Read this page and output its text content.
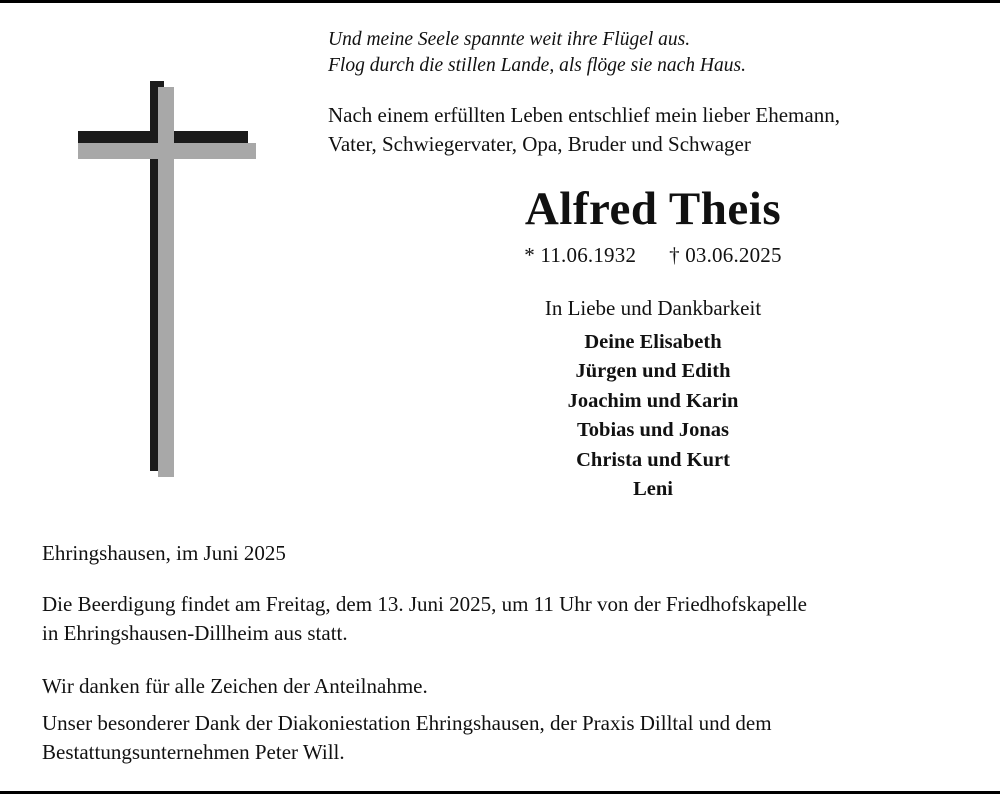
Und meine Seele spannte weit ihre Flügel aus.
Flog durch die stillen Lande, als flöge sie nach Haus.
Nach einem erfüllten Leben entschlief mein lieber Ehemann,
Vater, Schwiegervater, Opa, Bruder und Schwager
Alfred Theis
* 11.06.1932 † 03.06.2025
In Liebe und Dankbarkeit
Deine Elisabeth
Jürgen und Edith
Joachim und Karin
Tobias und Jonas
Christa und Kurt
Leni
Ehringshausen, im Juni 2025
Die Beerdigung findet am Freitag, dem 13. Juni 2025, um 11 Uhr von der Friedhofskapelle
in Ehringshausen-Dillheim aus statt.
Wir danken für alle Zeichen der Anteilnahme.
Unser besonderer Dank der Diakoniestation Ehringshausen, der Praxis Dilltal und dem
Bestattungsunternehmen Peter Will.
